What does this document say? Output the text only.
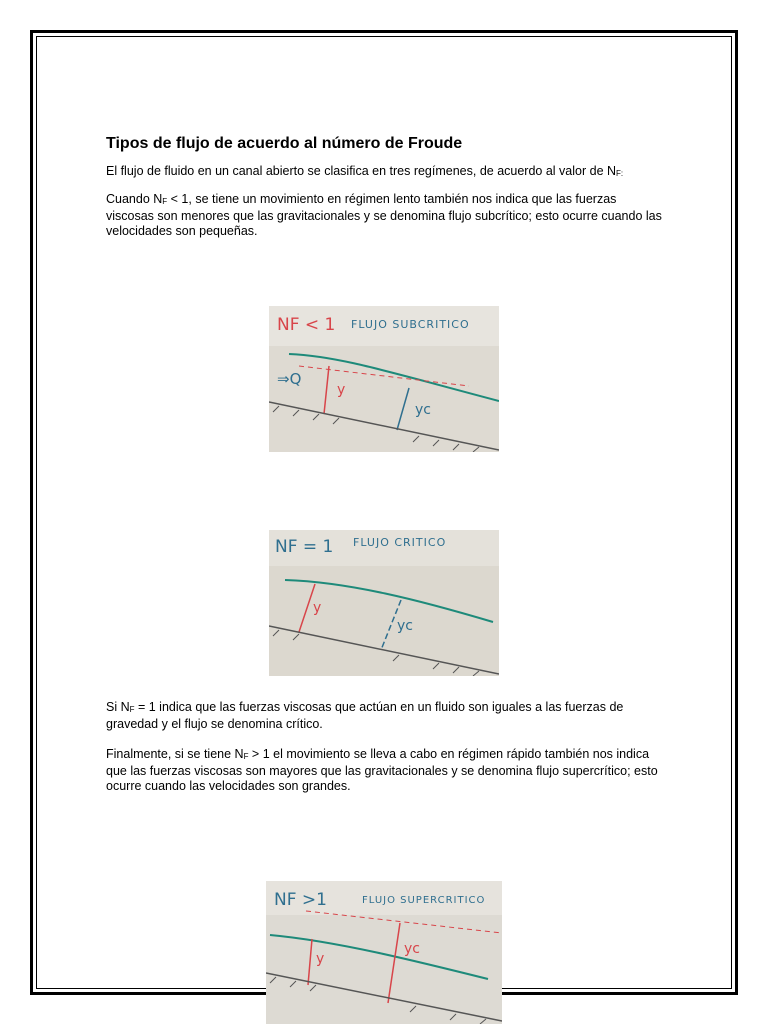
Tipos de flujo de acuerdo al número de Froude

El flujo de fluido en un canal abierto se clasifica en tres regímenes, de acuerdo al valor de NF:

Cuando NF < 1, se tiene un movimiento en régimen lento también nos indica que las fuerzas viscosas son menores que las gravitacionales y se denomina flujo subcrítico; esto ocurre cuando las velocidades son pequeñas.

NF < 1 FLUJO SUBCRITICO
⇒Q
y
yc
NF = 1 FLUJO CRITICO
y
yc

Si NF = 1 indica que las fuerzas viscosas que actúan en un fluido son iguales a las fuerzas de gravedad y el flujo se denomina crítico.

Finalmente, si se tiene NF > 1 el movimiento se lleva a cabo en régimen rápido también nos indica que las fuerzas viscosas son mayores que las gravitacionales y se denomina flujo supercrítico; esto ocurre cuando las velocidades son grandes.

NF >1	FLUJO SUPERCRITICO
y
yc
